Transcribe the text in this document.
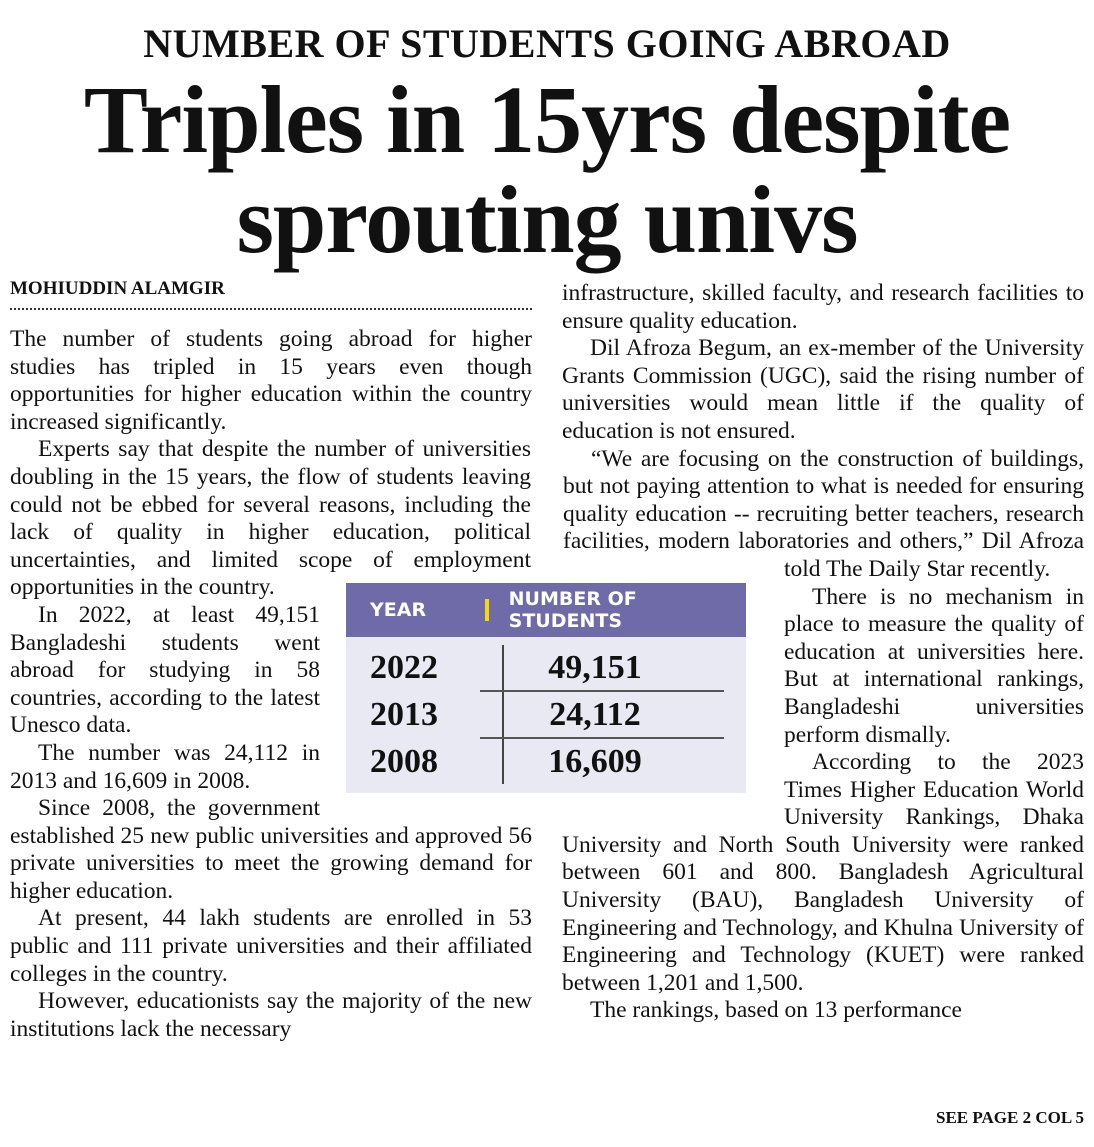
NUMBER OF STUDENTS GOING ABROAD
Triples in 15yrs despite sprouting univs
MOHIUDDIN ALAMGIR

The number of students going abroad for higher studies has tripled in 15 years even though opportunities for higher education within the country increased significantly.

Experts say that despite the number of universities doubling in the 15 years, the flow of students leaving could not be ebbed for several reasons, including the lack of quality in higher education, political uncertainties, and limited scope of employment opportunities in the country.

In 2022, at least 49,151 Bangladeshi students went abroad for studying in 58 countries, according to the latest Unesco data.

The number was 24,112 in 2013 and 16,609 in 2008.

Since 2008, the government established 25 new public universities and approved 56 private universities to meet the growing demand for higher education.

At present, 44 lakh students are enrolled in 53 public and 111 private universities and their affiliated colleges in the country.

However, educationists say the majority of the new institutions lack the necessary

infrastructure, skilled faculty, and research facilities to ensure quality education.

Dil Afroza Begum, an ex-member of the University Grants Commission (UGC), said the rising number of universities would mean little if the quality of education is not ensured.

“We are focusing on the construction of buildings, but not paying attention to what is needed for ensuring quality education -- recruiting better teachers, research facilities, modern laboratories and others,” Dil Afroza told The Daily Star recently.

There is no mechanism in place to measure the quality of education at universities here. But at international rankings, Bangladeshi universities perform dismally.

According to the 2023 Times Higher Education World University Rankings, Dhaka University and North South University were ranked between 601 and 800. Bangladesh Agricultural University (BAU), Bangladesh University of Engineering and Technology, and Khulna University of Engineering and Technology (KUET) were ranked between 1,201 and 1,500.

The rankings, based on 13 performance

YEAR	NUMBER OF STUDENTS
2022	49,151
2013	24,112
2008	16,609
SEE PAGE 2 COL 5
